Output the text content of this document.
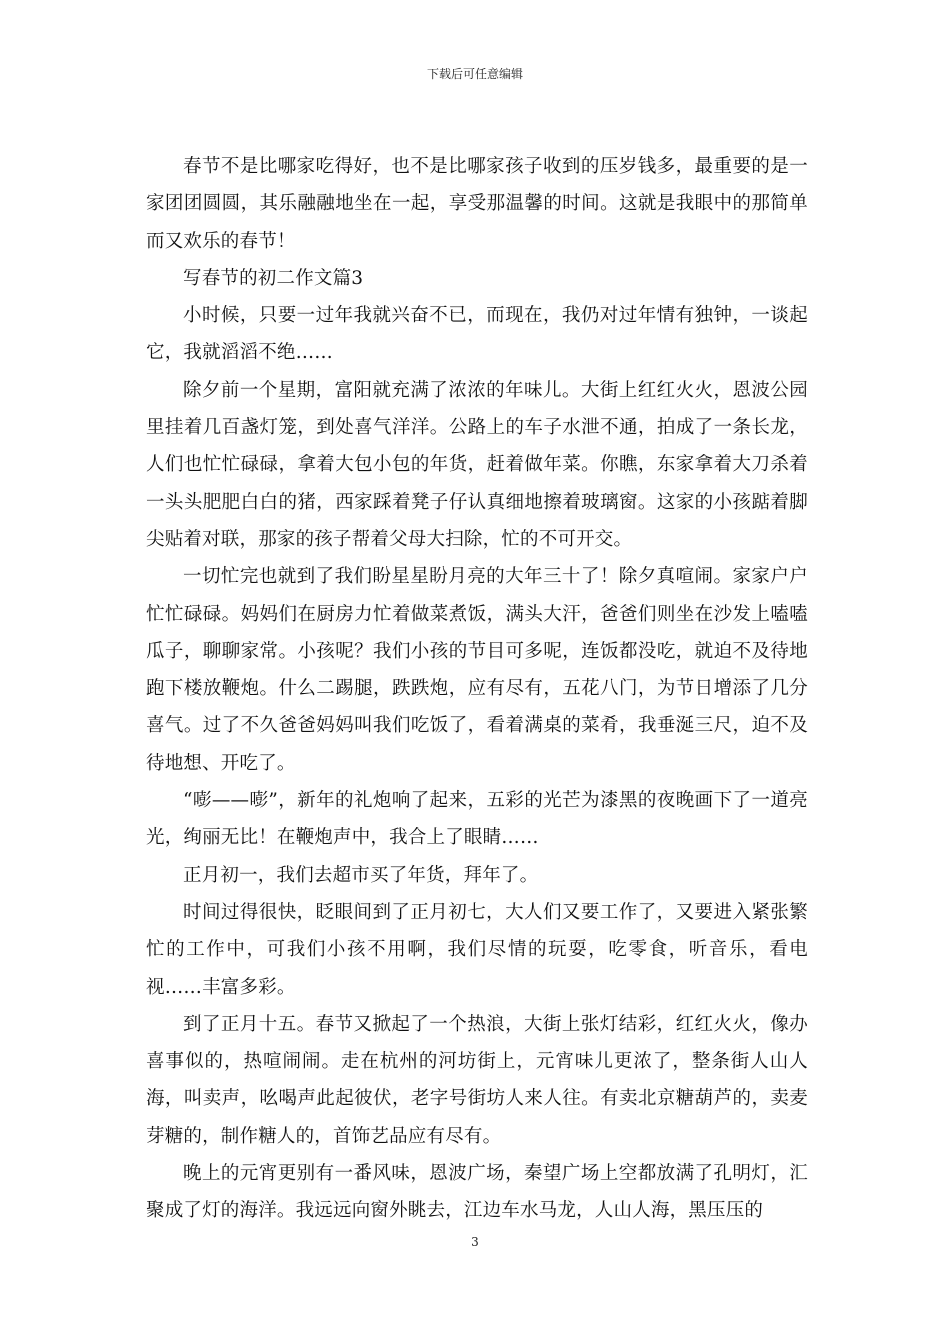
下载后可任意编辑

春节不是比哪家吃得好，也不是比哪家孩子收到的压岁钱多，最重要的是一家团团圆圆，其乐融融地坐在一起，享受那温馨的时间。这就是我眼中的那简单而又欢乐的春节！

写春节的初二作文篇3

小时候，只要一过年我就兴奋不已，而现在，我仍对过年情有独钟，一谈起它，我就滔滔不绝……

除夕前一个星期，富阳就充满了浓浓的年味儿。大街上红红火火，恩波公园里挂着几百盏灯笼，到处喜气洋洋。公路上的车子水泄不通，拍成了一条长龙，人们也忙忙碌碌，拿着大包小包的年货，赶着做年菜。你瞧，东家拿着大刀杀着一头头肥肥白白的猪，西家踩着凳子仔认真细地擦着玻璃窗。这家的小孩踮着脚尖贴着对联，那家的孩子帮着父母大扫除，忙的不可开交。

一切忙完也就到了我们盼星星盼月亮的大年三十了！除夕真喧闹。家家户户忙忙碌碌。妈妈们在厨房力忙着做菜煮饭，满头大汗，爸爸们则坐在沙发上嗑嗑瓜子，聊聊家常。小孩呢？我们小孩的节目可多呢，连饭都没吃，就迫不及待地跑下楼放鞭炮。什么二踢腿，跌跌炮，应有尽有，五花八门，为节日增添了几分喜气。过了不久爸爸妈妈叫我们吃饭了，看着满桌的菜肴，我垂涎三尺，迫不及待地想、开吃了。

“嘭——嘭”，新年的礼炮响了起来，五彩的光芒为漆黑的夜晚画下了一道亮光，绚丽无比！在鞭炮声中，我合上了眼睛……

正月初一，我们去超市买了年货，拜年了。

时间过得很快，眨眼间到了正月初七，大人们又要工作了，又要进入紧张繁忙的工作中，可我们小孩不用啊，我们尽情的玩耍，吃零食，听音乐，看电视……丰富多彩。

到了正月十五。春节又掀起了一个热浪，大街上张灯结彩，红红火火，像办喜事似的，热喧闹闹。走在杭州的河坊街上，元宵味儿更浓了，整条街人山人海，叫卖声，吆喝声此起彼伏，老字号街坊人来人往。有卖北京糖葫芦的，卖麦芽糖的，制作糖人的，首饰艺品应有尽有。

晚上的元宵更别有一番风味，恩波广场，秦望广场上空都放满了孔明灯，汇聚成了灯的海洋。我远远向窗外眺去，江边车水马龙，人山人海，黑压压的

3
